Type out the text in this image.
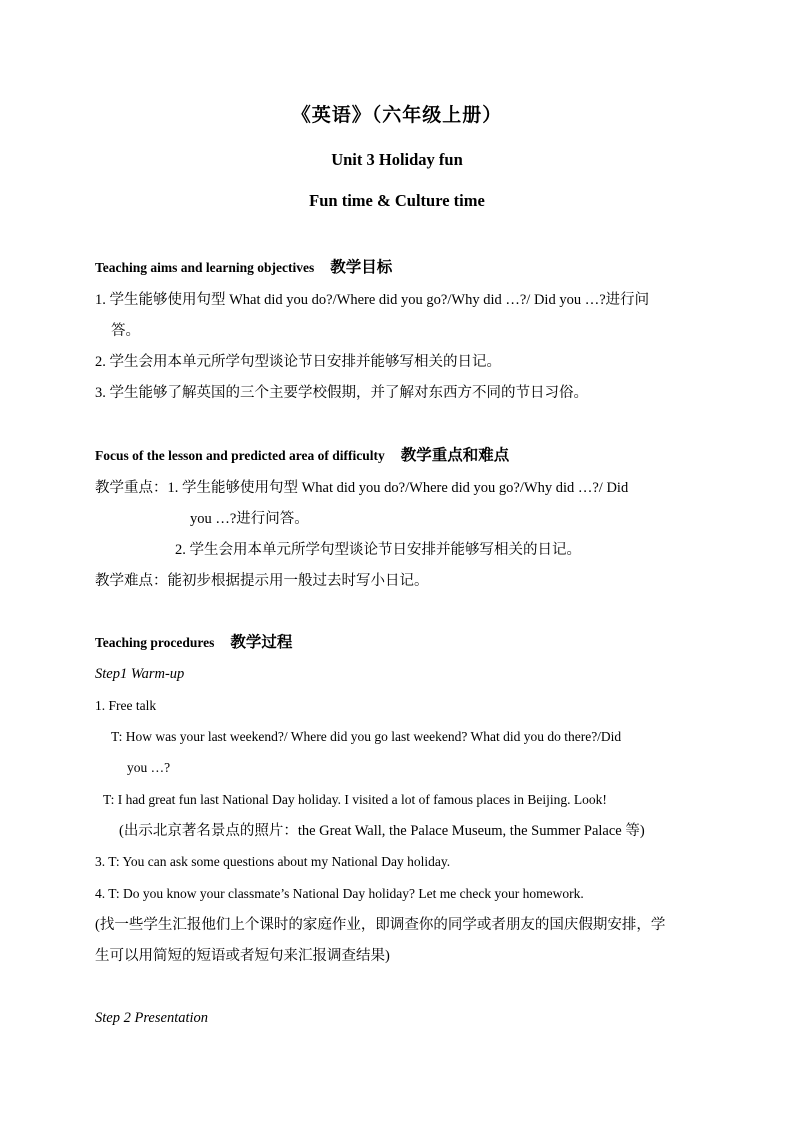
《英语》（六年级上册）
Unit 3 Holiday fun
Fun time & Culture time
Teaching aims and learning objectives 教学目标
1. 学生能够使用句型 What did you do?/Where did you go?/Why did …?/ Did you …?进行问
答。
2. 学生会用本单元所学句型谈论节日安排并能够写相关的日记。
3. 学生能够了解英国的三个主要学校假期，并了解对东西方不同的节日习俗。
Focus of the lesson and predicted area of difficulty 教学重点和难点
教学重点：1. 学生能够使用句型 What did you do?/Where did you go?/Why did …?/ Did
you …?进行问答。
2. 学生会用本单元所学句型谈论节日安排并能够写相关的日记。
教学难点：能初步根据提示用一般过去时写小日记。
Teaching procedures 教学过程
Step1 Warm-up
1. Free talk
T: How was your last weekend?/ Where did you go last weekend? What did you do there?/Did
you …?
T: I had great fun last National Day holiday. I visited a lot of famous places in Beijing. Look!
(出示北京著名景点的照片：the Great Wall, the Palace Museum, the Summer Palace 等)
3. T: You can ask some questions about my National Day holiday.
4. T: Do you know your classmate’s National Day holiday? Let me check your homework.
(找一些学生汇报他们上个课时的家庭作业，即调查你的同学或者朋友的国庆假期安排，学
生可以用简短的短语或者短句来汇报调查结果)
Step 2 Presentation
